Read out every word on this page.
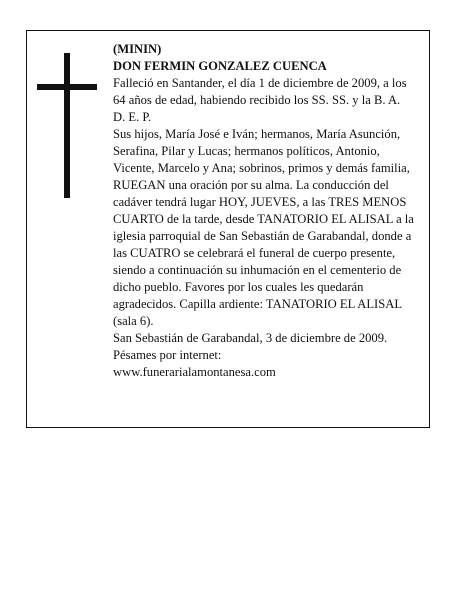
(MININ)

DON FERMIN GONZALEZ CUENCA

Falleció en Santander, el día 1 de diciembre de 2009, a los 64 años de edad, habiendo recibido los SS. SS. y la B. A.

D. E. P.

Sus hijos, María José e Iván; hermanos, María Asunción, Serafina, Pilar y Lucas; hermanos políticos, Antonio, Vicente, Marcelo y Ana; sobrinos, primos y demás familia,

RUEGAN una oración por su alma. La conducción del cadáver tendrá lugar HOY, JUEVES, a las TRES MENOS CUARTO de la tarde, desde TANATORIO EL ALISAL a la iglesia parroquial de San Sebastián de Garabandal, donde a las CUATRO se celebrará el funeral de cuerpo presente, siendo a continuación su inhumación en el cementerio de dicho pueblo. Favores por los cuales les quedarán agradecidos. Capilla ardiente: TANATORIO EL ALISAL (sala 6).

San Sebastián de Garabandal, 3 de diciembre de 2009.

Pésames por internet:

www.funerarialamontanesa.com
